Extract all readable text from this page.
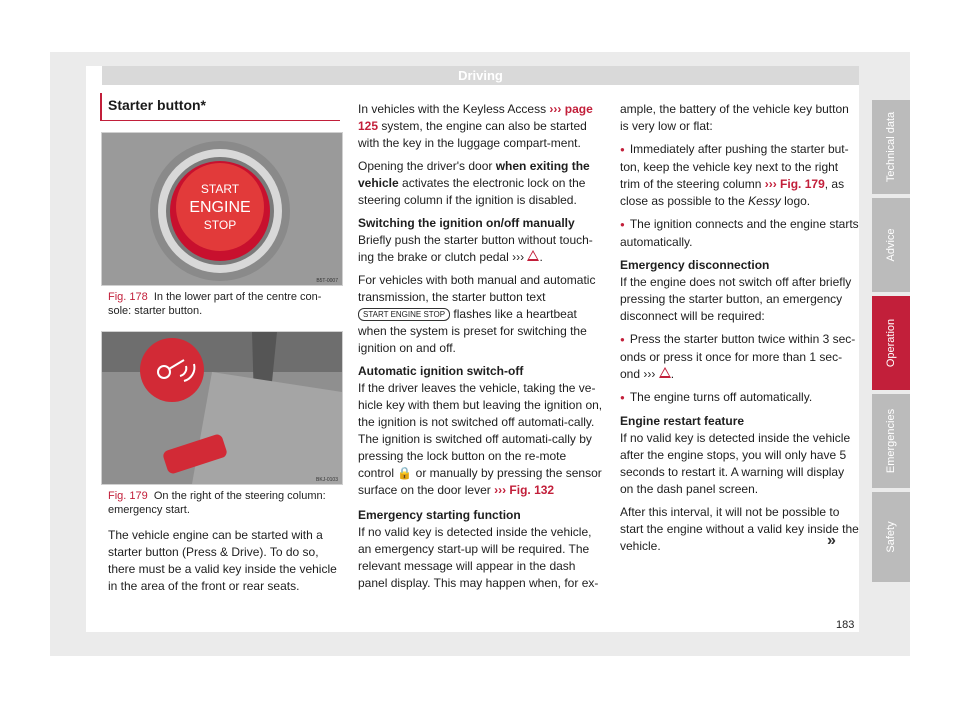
Driving
Starter button*
START
ENGINE
STOP
B5T-0007
Fig. 178 In the lower part of the centre con-sole: starter button.
BKJ-0103
Fig. 179 On the right of the steering column: emergency start.

The vehicle engine can be started with a starter button (Press & Drive). To do so, there must be a valid key inside the vehicle in the area of the front or rear seats.

In vehicles with the Keyless Access ››› page 125 system, the engine can also be started with the key in the luggage compart-ment.

Opening the driver's door when exiting the vehicle activates the electronic lock on the steering column if the ignition is disabled.

Switching the ignition on/off manually

Briefly push the starter button without touch-ing the brake or clutch pedal ››› .

For vehicles with both manual and automatic transmission, the starter button text START ENGINE STOP flashes like a heartbeat when the system is preset for switching the ignition on and off.

Automatic ignition switch-off

If the driver leaves the vehicle, taking the ve-hicle key with them but leaving the ignition on, the ignition is not switched off automati-cally. The ignition is switched off automati-cally by pressing the lock button on the re-mote control 🔒 or manually by pressing the sensor surface on the door lever ››› Fig. 132

Emergency starting function

If no valid key is detected inside the vehicle, an emergency start-up will be required. The relevant message will appear in the dash panel display. This may happen when, for ex-

ample, the battery of the vehicle key button is very low or flat:

● Immediately after pushing the starter but-ton, keep the vehicle key next to the right trim of the steering column ››› Fig. 179, as close as possible to the Kessy logo.

● The ignition connects and the engine starts automatically.

Emergency disconnection

If the engine does not switch off after briefly pressing the starter button, an emergency disconnect will be required:

● Press the starter button twice within 3 sec-onds or press it once for more than 1 sec-ond ››› .

● The engine turns off automatically.

Engine restart feature

If no valid key is detected inside the vehicle after the engine stops, you will only have 5 seconds to restart it. A warning will display on the dash panel screen.

After this interval, it will not be possible to start the engine without a valid key inside the vehicle.	»
Technical data
Advice
Operation
Emergencies
Safety
183
